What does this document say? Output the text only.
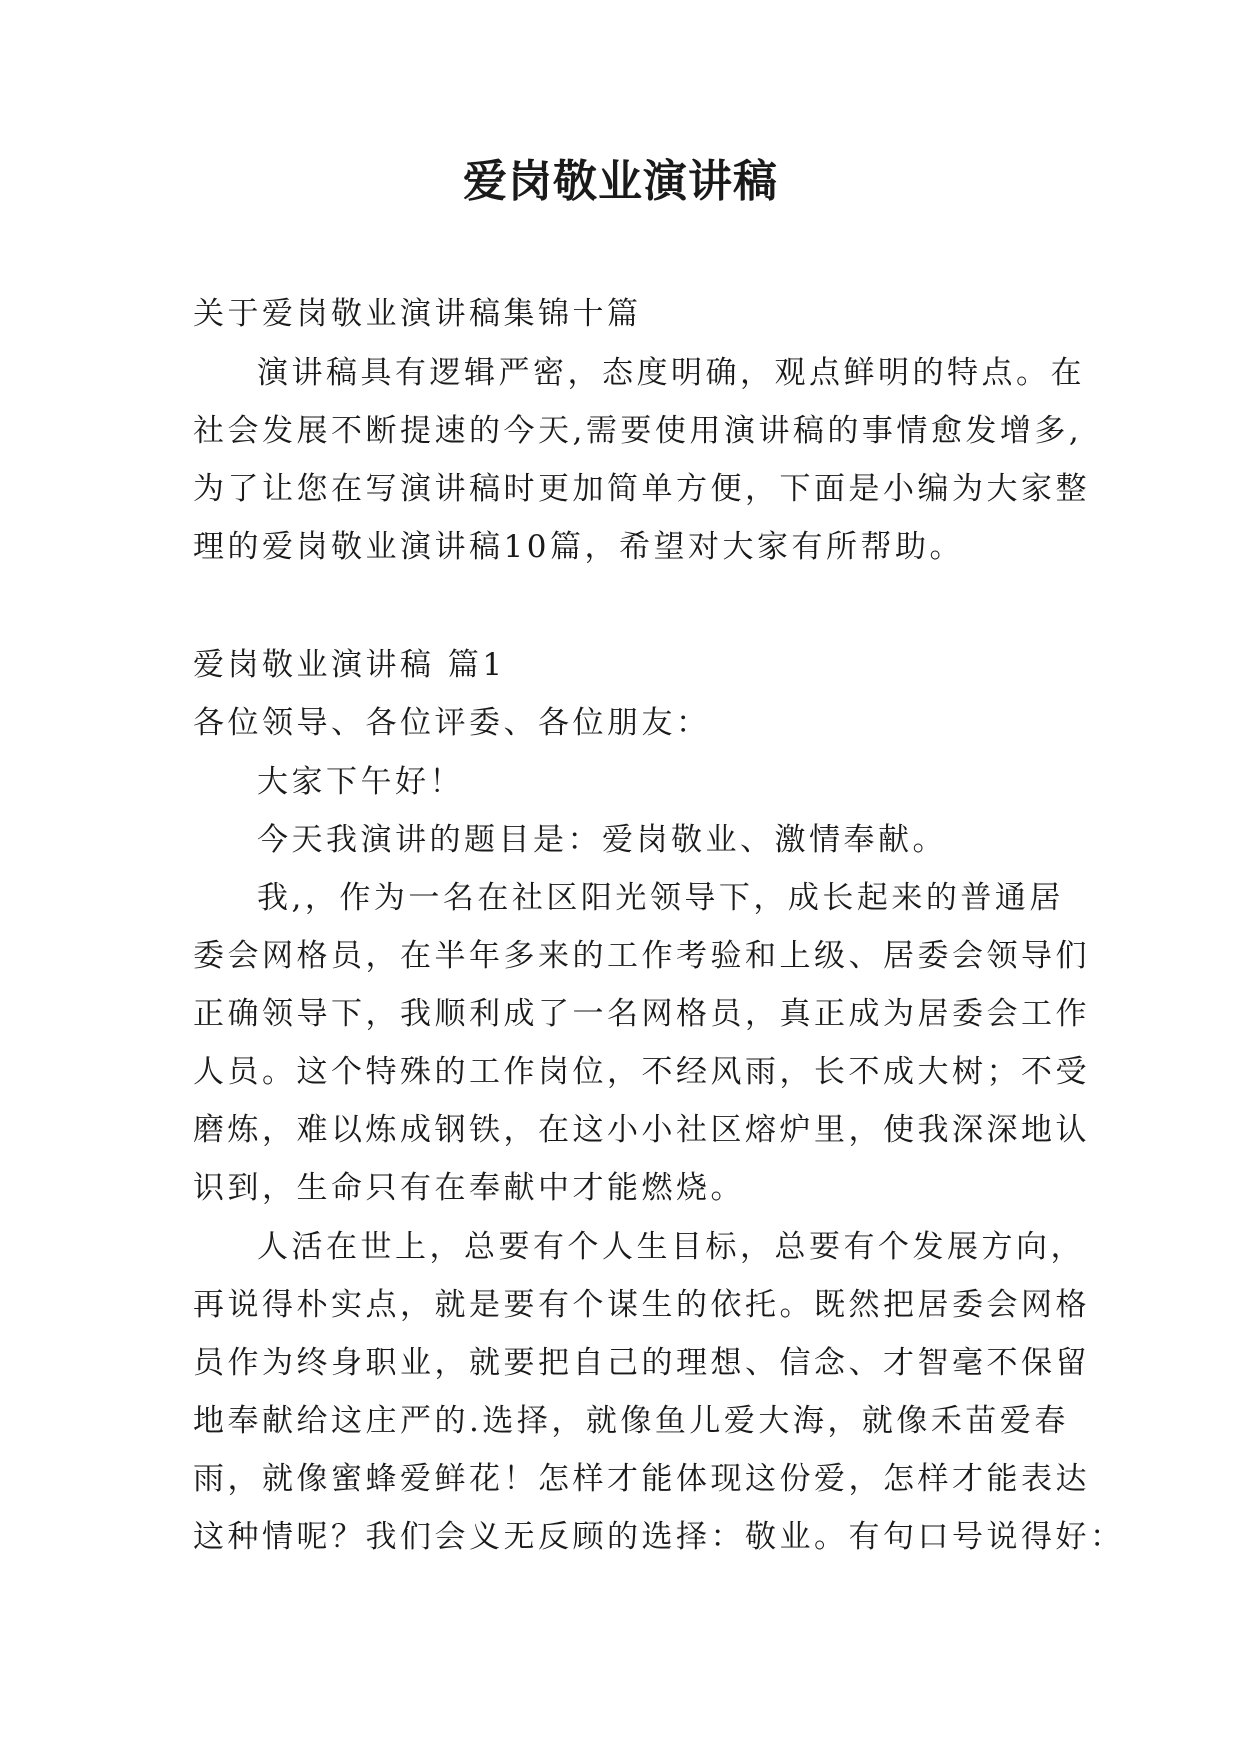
爱岗敬业演讲稿
关于爱岗敬业演讲稿集锦十篇
演讲稿具有逻辑严密，态度明确，观点鲜明的特点。在
社会发展不断提速的今天,需要使用演讲稿的事情愈发增多,
为了让您在写演讲稿时更加简单方便，下面是小编为大家整
理的爱岗敬业演讲稿10篇，希望对大家有所帮助。
爱岗敬业演讲稿 篇1
各位领导、各位评委、各位朋友：
大家下午好！
今天我演讲的题目是：爱岗敬业、激情奉献。
我,，作为一名在社区阳光领导下，成长起来的普通居
委会网格员，在半年多来的工作考验和上级、居委会领导们
正确领导下，我顺利成了一名网格员，真正成为居委会工作
人员。这个特殊的工作岗位，不经风雨，长不成大树；不受
磨炼，难以炼成钢铁，在这小小社区熔炉里，使我深深地认
识到，生命只有在奉献中才能燃烧。
人活在世上，总要有个人生目标，总要有个发展方向，
再说得朴实点，就是要有个谋生的依托。既然把居委会网格
员作为终身职业，就要把自己的理想、信念、才智毫不保留
地奉献给这庄严的.选择，就像鱼儿爱大海，就像禾苗爱春
雨，就像蜜蜂爱鲜花！怎样才能体现这份爱，怎样才能表达
这种情呢？我们会义无反顾的选择：敬业。有句口号说得好：
